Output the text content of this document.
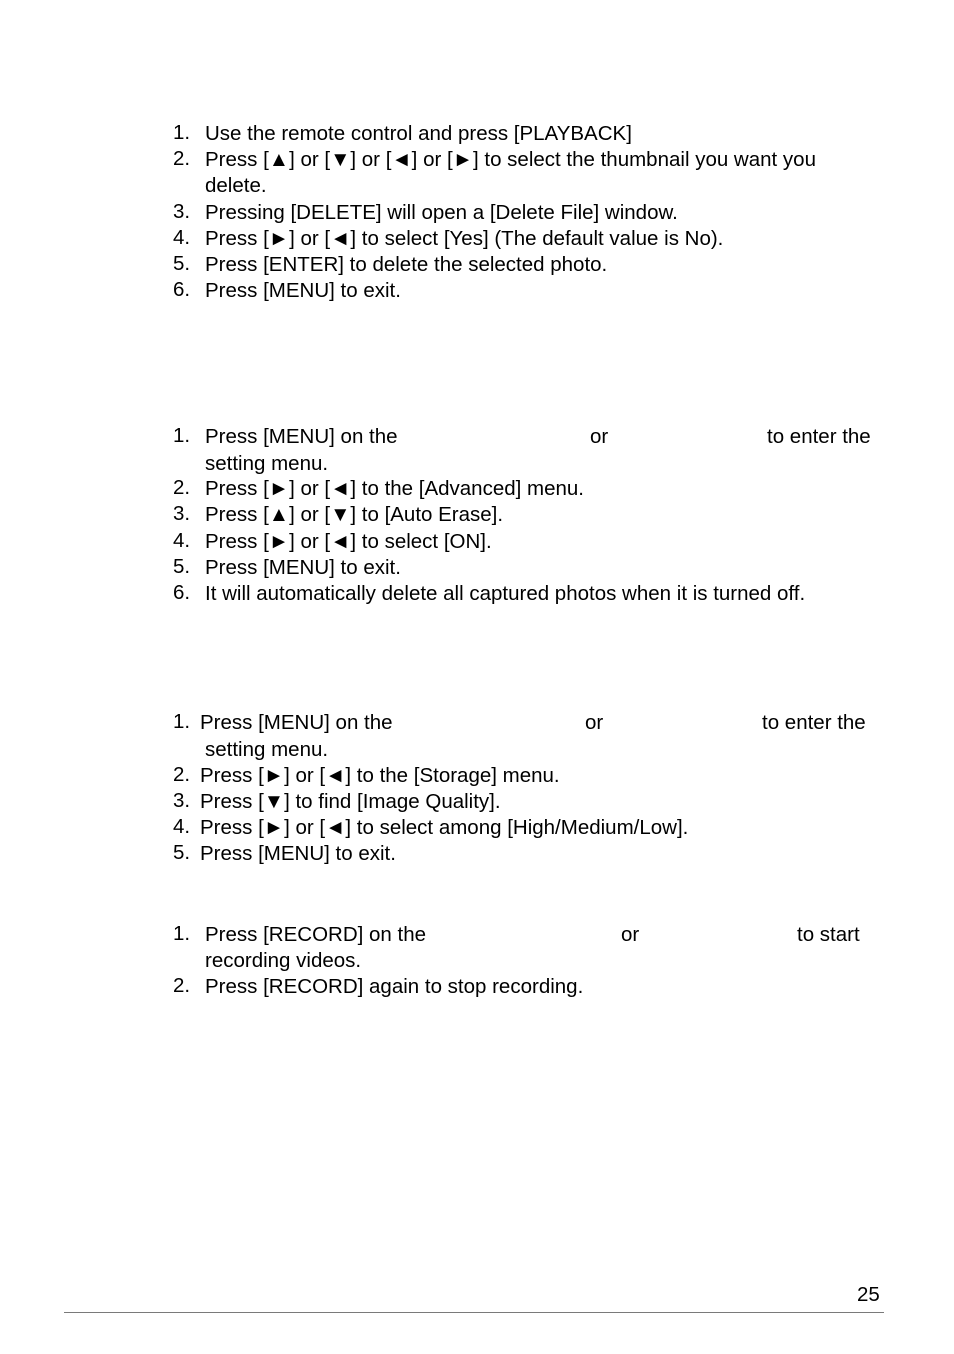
1. Use the remote control and press [PLAYBACK]
2. Press [▲] or [▼] or [◄] or [►] to select the thumbnail you want you
delete.
3. Pressing [DELETE] will open a [Delete File] window.
4. Press [►] or [◄] to select [Yes] (The default value is No).
5. Press [ENTER] to delete the selected photo.
6. Press [MENU] to exit.
1. Press [MENU] on the	or	to enter the
setting menu.
2. Press [►] or [◄] to the [Advanced] menu.
3. Press [▲] or [▼] to [Auto Erase].
4. Press [►] or [◄] to select [ON].
5. Press [MENU] to exit.
6. It will automatically delete all captured photos when it is turned off.
1. Press [MENU] on the	or	to enter the
setting menu.
2. Press [►] or [◄] to the [Storage] menu.
3. Press [▼] to find [Image Quality].
4. Press [►] or [◄] to select among [High/Medium/Low].
5. Press [MENU] to exit.
1. Press [RECORD] on the	or	to start
recording videos.
2. Press [RECORD] again to stop recording.
25
